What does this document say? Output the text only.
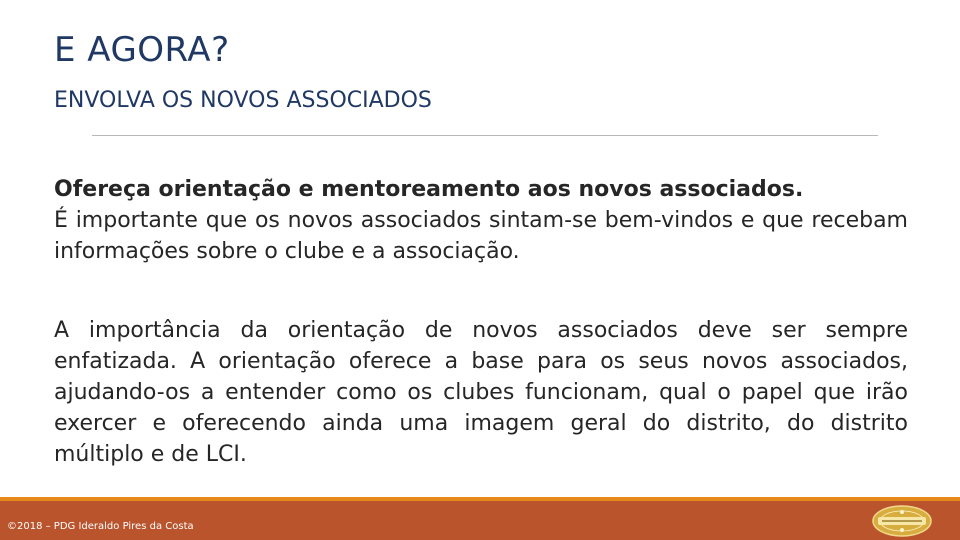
E AGORA?
ENVOLVA OS NOVOS ASSOCIADOS
Ofereça orientação e mentoreamento aos novos associados.
É importante que os novos associados sintam-se bem-vindos e que recebam informações sobre o clube e a associação.
A importância da orientação de novos associados deve ser sempre enfatizada. A orientação oferece a base para os seus novos associados, ajudando-os a entender como os clubes funcionam, qual o papel que irão exercer e oferecendo ainda uma imagem geral do distrito, do distrito múltiplo e de LCI.
©2018 – PDG Ideraldo Pires da Costa
